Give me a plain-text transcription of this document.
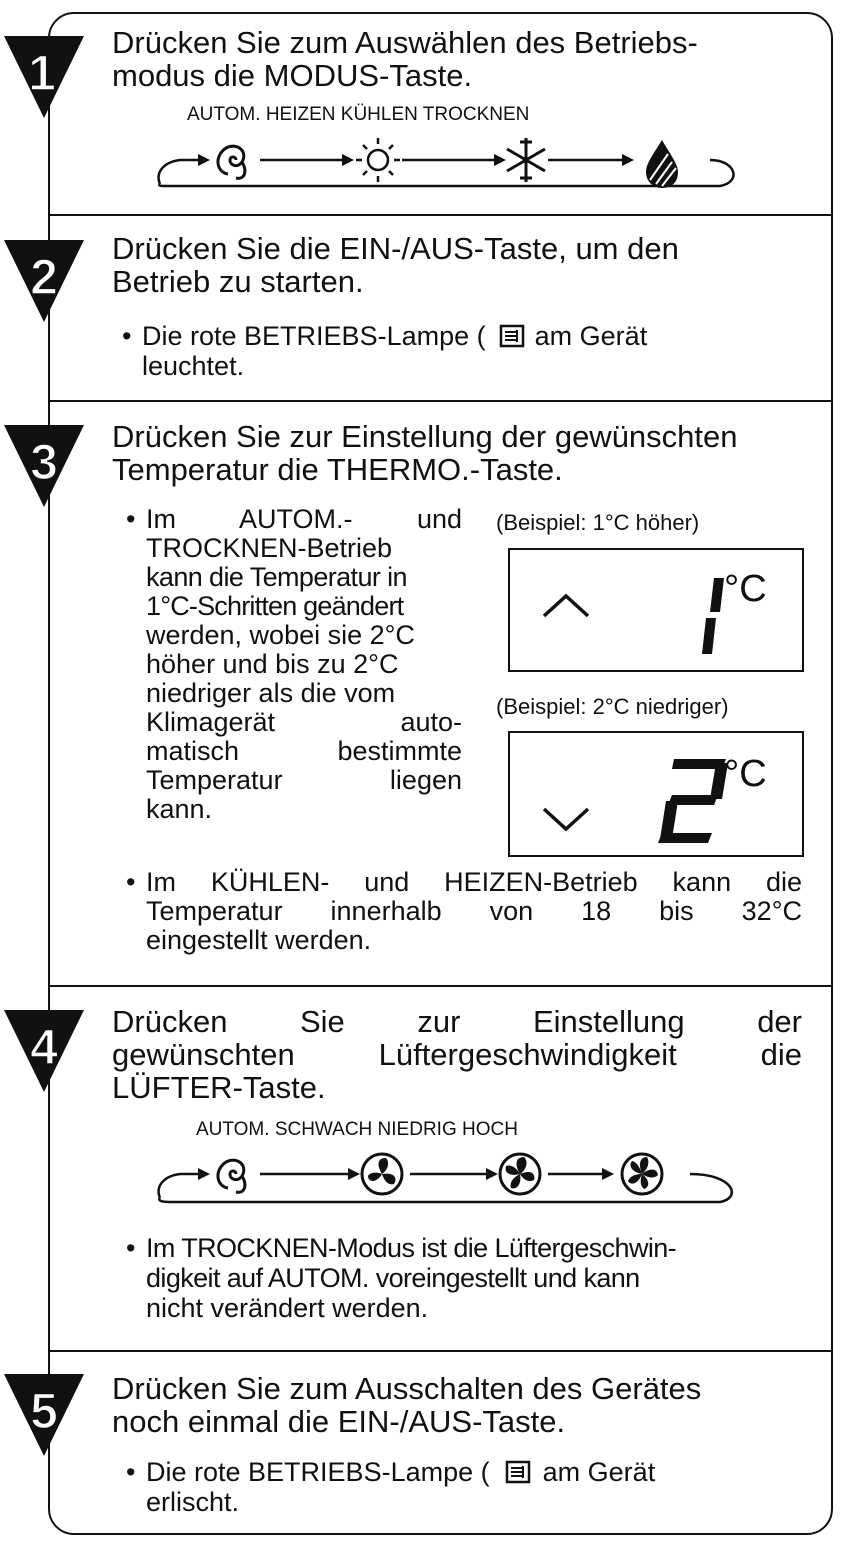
1
Drücken Sie zum Auswählen des Betriebs-
modus die MODUS-Taste.
AUTOM. HEIZEN KÜHLEN TROCKNEN
2
Drücken Sie die EIN-/AUS-Taste, um den
Betrieb zu starten.
• Die rote BETRIEBS-Lampe ( am Gerät
leuchtet.
3 Drücken Sie zur Einstellung der gewünschten
Temperatur die THERMO.-Taste.
• Im AUTOM.- und
TROCKNEN-Betrieb
kann die Temperatur in
1°C-Schritten geändert
werden, wobei sie 2°C
höher und bis zu 2°C
niedriger als die vom
Klimagerät auto-
matisch bestimmte
Temperatur liegen
kann.
(Beispiel: 1°C höher)
°C
(Beispiel: 2°C niedriger)
°C
• Im KÜHLEN- und HEIZEN-Betrieb kann die
Temperatur innerhalb von 18 bis 32°C
eingestellt werden.
4 Drücken Sie zur Einstellung der
gewünschten Lüftergeschwindigkeit die
LÜFTER-Taste.
AUTOM. SCHWACH NIEDRIG HOCH
• Im TROCKNEN-Modus ist die Lüftergeschwin-
digkeit auf AUTOM. voreingestellt und kann
nicht verändert werden.
5 Drücken Sie zum Ausschalten des Gerätes
noch einmal die EIN-/AUS-Taste.
• Die rote BETRIEBS-Lampe ( am Gerät
erlischt.
